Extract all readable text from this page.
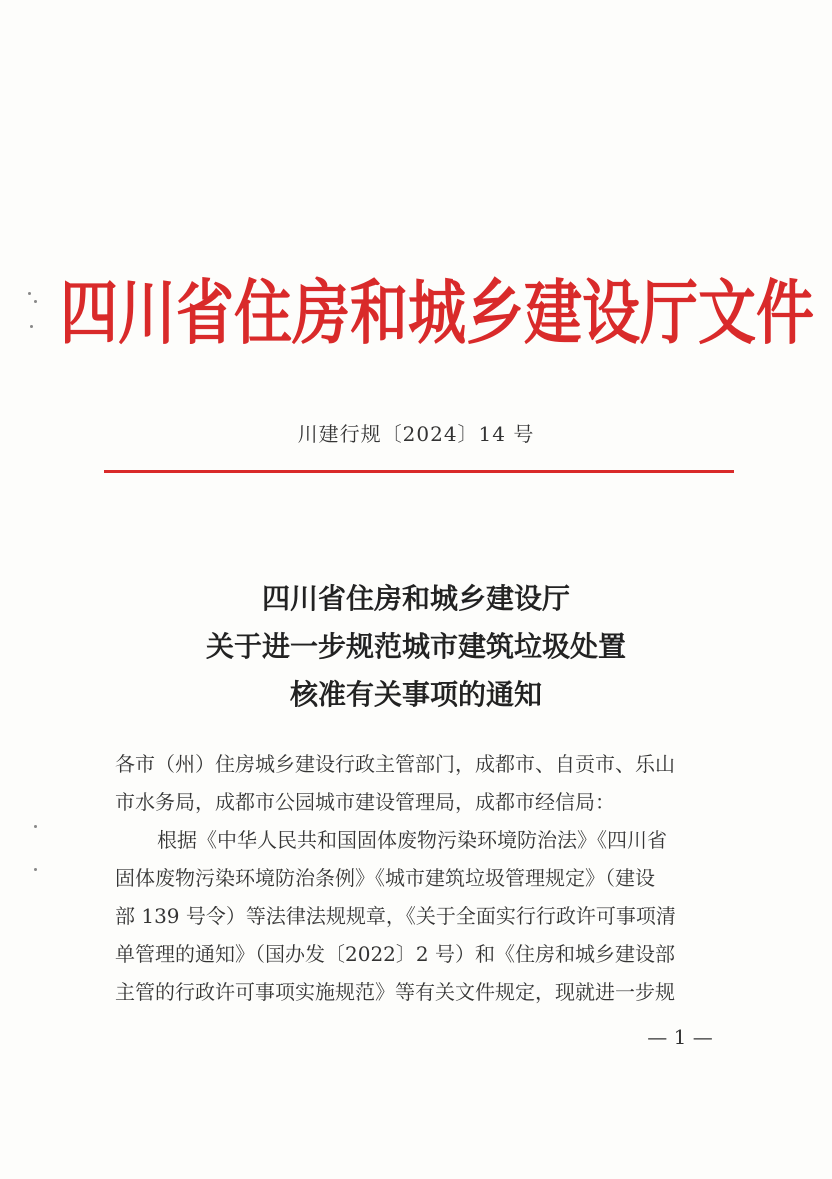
四川省住房和城乡建设厅文件
川建行规〔2024〕14 号
四川省住房和城乡建设厅
关于进一步规范城市建筑垃圾处置
核准有关事项的通知
各市（州）住房城乡建设行政主管部门，成都市、自贡市、乐山
市水务局，成都市公园城市建设管理局，成都市经信局：
根据《中华人民共和国固体废物污染环境防治法》《四川省
固体废物污染环境防治条例》《城市建筑垃圾管理规定》（建设
部 139 号令）等法律法规规章，《关于全面实行行政许可事项清
单管理的通知》（国办发〔2022〕2 号）和《住房和城乡建设部
主管的行政许可事项实施规范》等有关文件规定，现就进一步规
— 1 —
